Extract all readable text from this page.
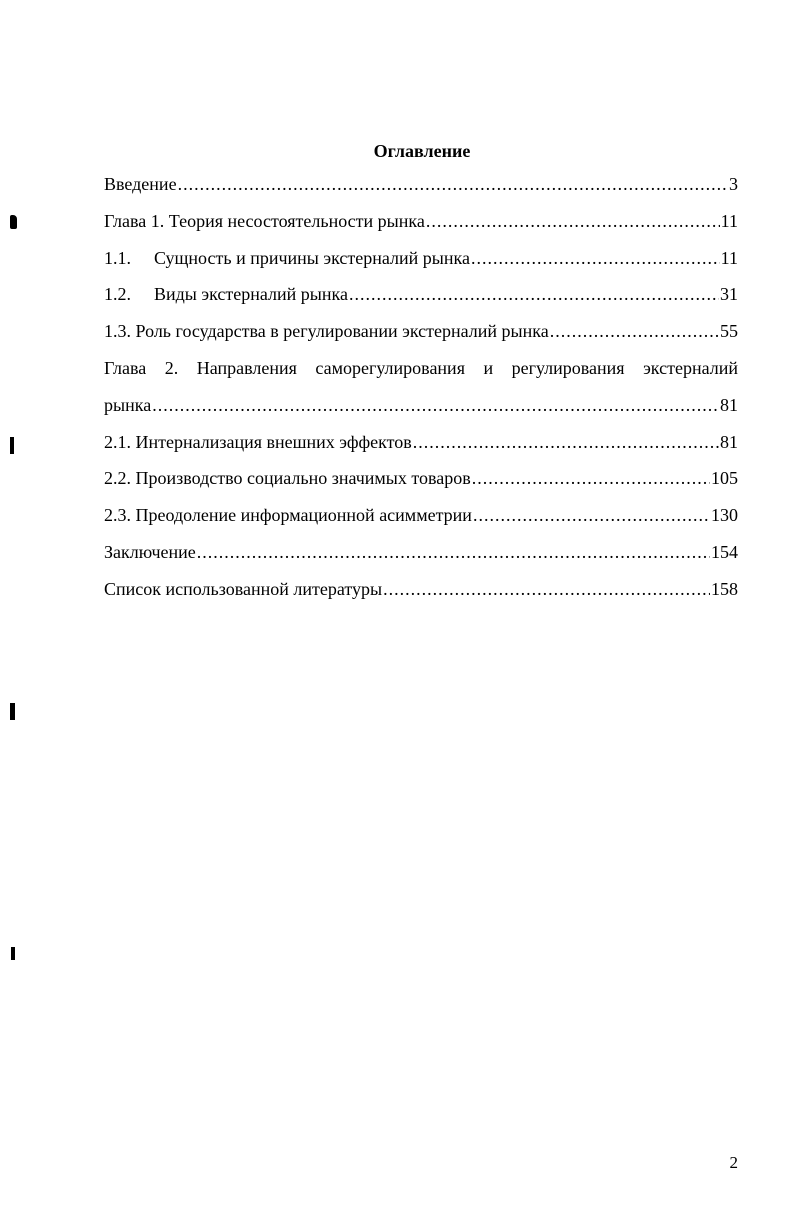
Оглавление
Введение .....	3
Глава 1. Теория несостоятельности рынка .....	11
1.1.	Сущность и причины экстерналий рынка .....	11
1.2.	Виды экстерналий рынка .....	31
1.3. Роль государства в регулировании экстерналий рынка .....	55
Глава 2. Направления саморегулирования и регулирования экстерналий
рынка .....	81
2.1. Интернализация внешних эффектов .....	81
2.2. Производство социально значимых товаров .....	105
2.3. Преодоление информационной асимметрии .....	130
Заключение .....	154
Список использованной литературы .....	158
2
